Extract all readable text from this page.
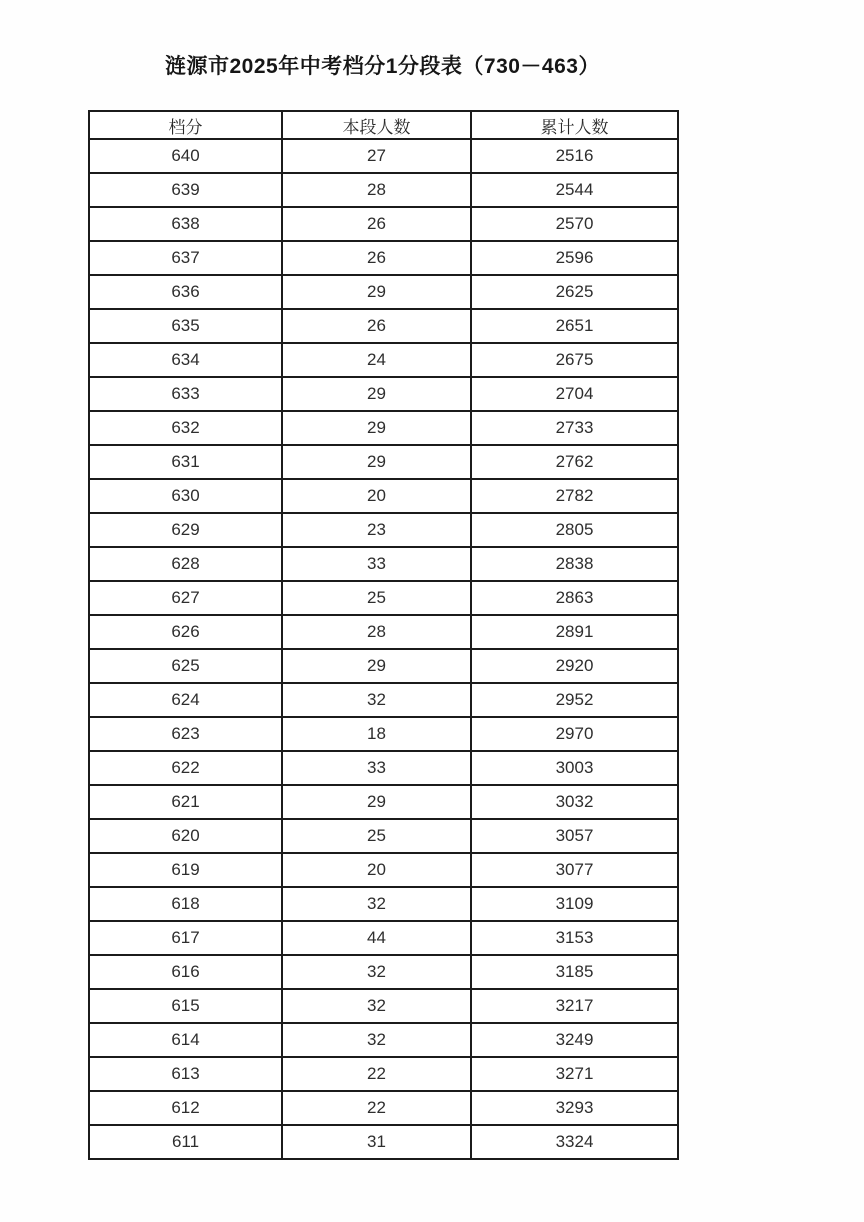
涟源市2025年中考档分1分段表（730－463）
档分	本段人数	累计人数
640	27	2516
639	28	2544
638	26	2570
637	26	2596
636	29	2625
635	26	2651
634	24	2675
633	29	2704
632	29	2733
631	29	2762
630	20	2782
629	23	2805
628	33	2838
627	25	2863
626	28	2891
625	29	2920
624	32	2952
623	18	2970
622	33	3003
621	29	3032
620	25	3057
619	20	3077
618	32	3109
617	44	3153
616	32	3185
615	32	3217
614	32	3249
613	22	3271
612	22	3293
611	31	3324
